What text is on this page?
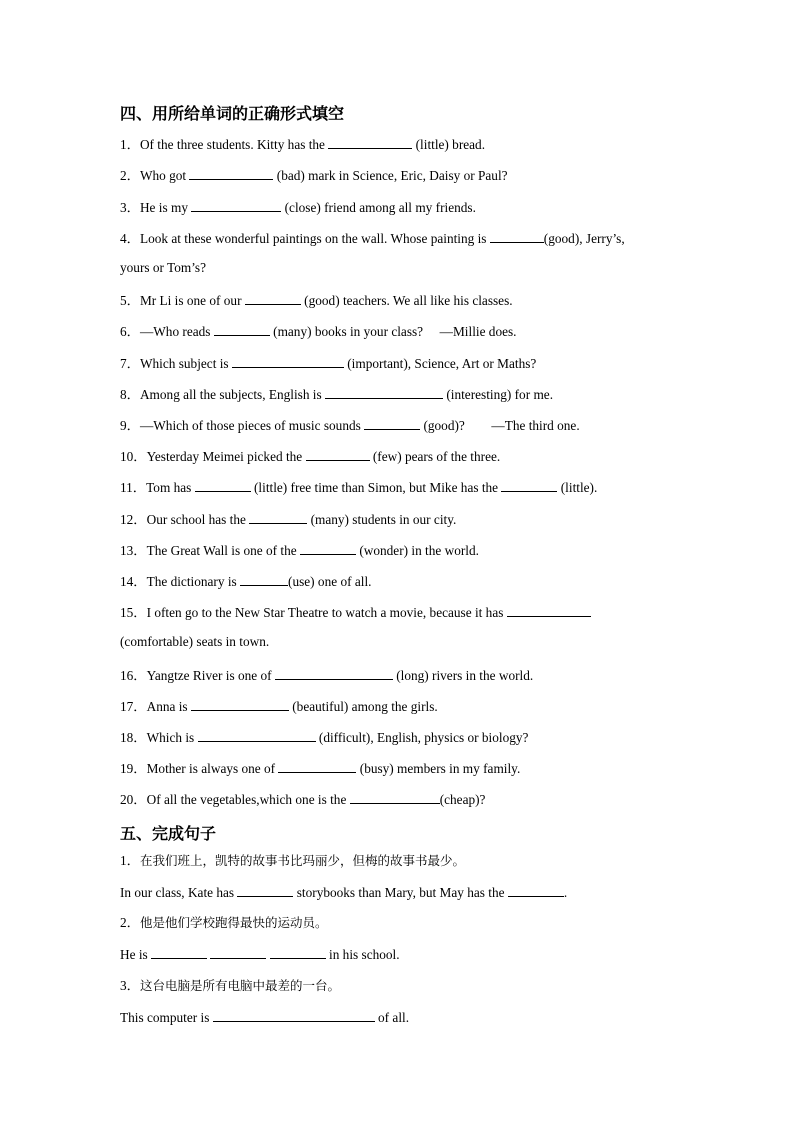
四、用所给单词的正确形式填空
1．Of the three students. Kitty has the	(little) bread.
2．Who got	(bad) mark in Science, Eric, Daisy or Paul?
3．He is my	(close) friend among all my friends.
4．Look at these wonderful paintings on the wall. Whose painting is	(good), Jerry’s,
yours or Tom’s?
5．Mr Li is one of our	(good) teachers. We all like his classes.
6．—Who reads	(many) books in your class?　 —Millie does.
7．Which subject is	(important), Science, Art or Maths?
8．Among all the subjects, English is	(interesting) for me.
9．—Which of those pieces of music sounds	(good)?　　—The third one.
10．Yesterday Meimei picked the	(few) pears of the three.
11．Tom has	(little) free time than Simon, but Mike has the	(little).
12．Our school has the	(many) students in our city.
13．The Great Wall is one of the	(wonder) in the world.
14．The dictionary is	(use) one of all.
15．I often go to the New Star Theatre to watch a movie, because it has
(comfortable) seats in town.
16．Yangtze River is one of	(long) rivers in the world.
17．Anna is	(beautiful) among the girls.
18．Which is	(difficult), English, physics or biology?
19．Mother is always one of	(busy) members in my family.
20．Of all the vegetables,which one is the	(cheap)?
五、完成句子
1．在我们班上，凯特的故事书比玛丽少，但梅的故事书最少。
In our class, Kate has	storybooks than Mary, but May has the	.
2．他是他们学校跑得最快的运动员。
He is	in his school.
3．这台电脑是所有电脑中最差的一台。
This computer is	of all.
